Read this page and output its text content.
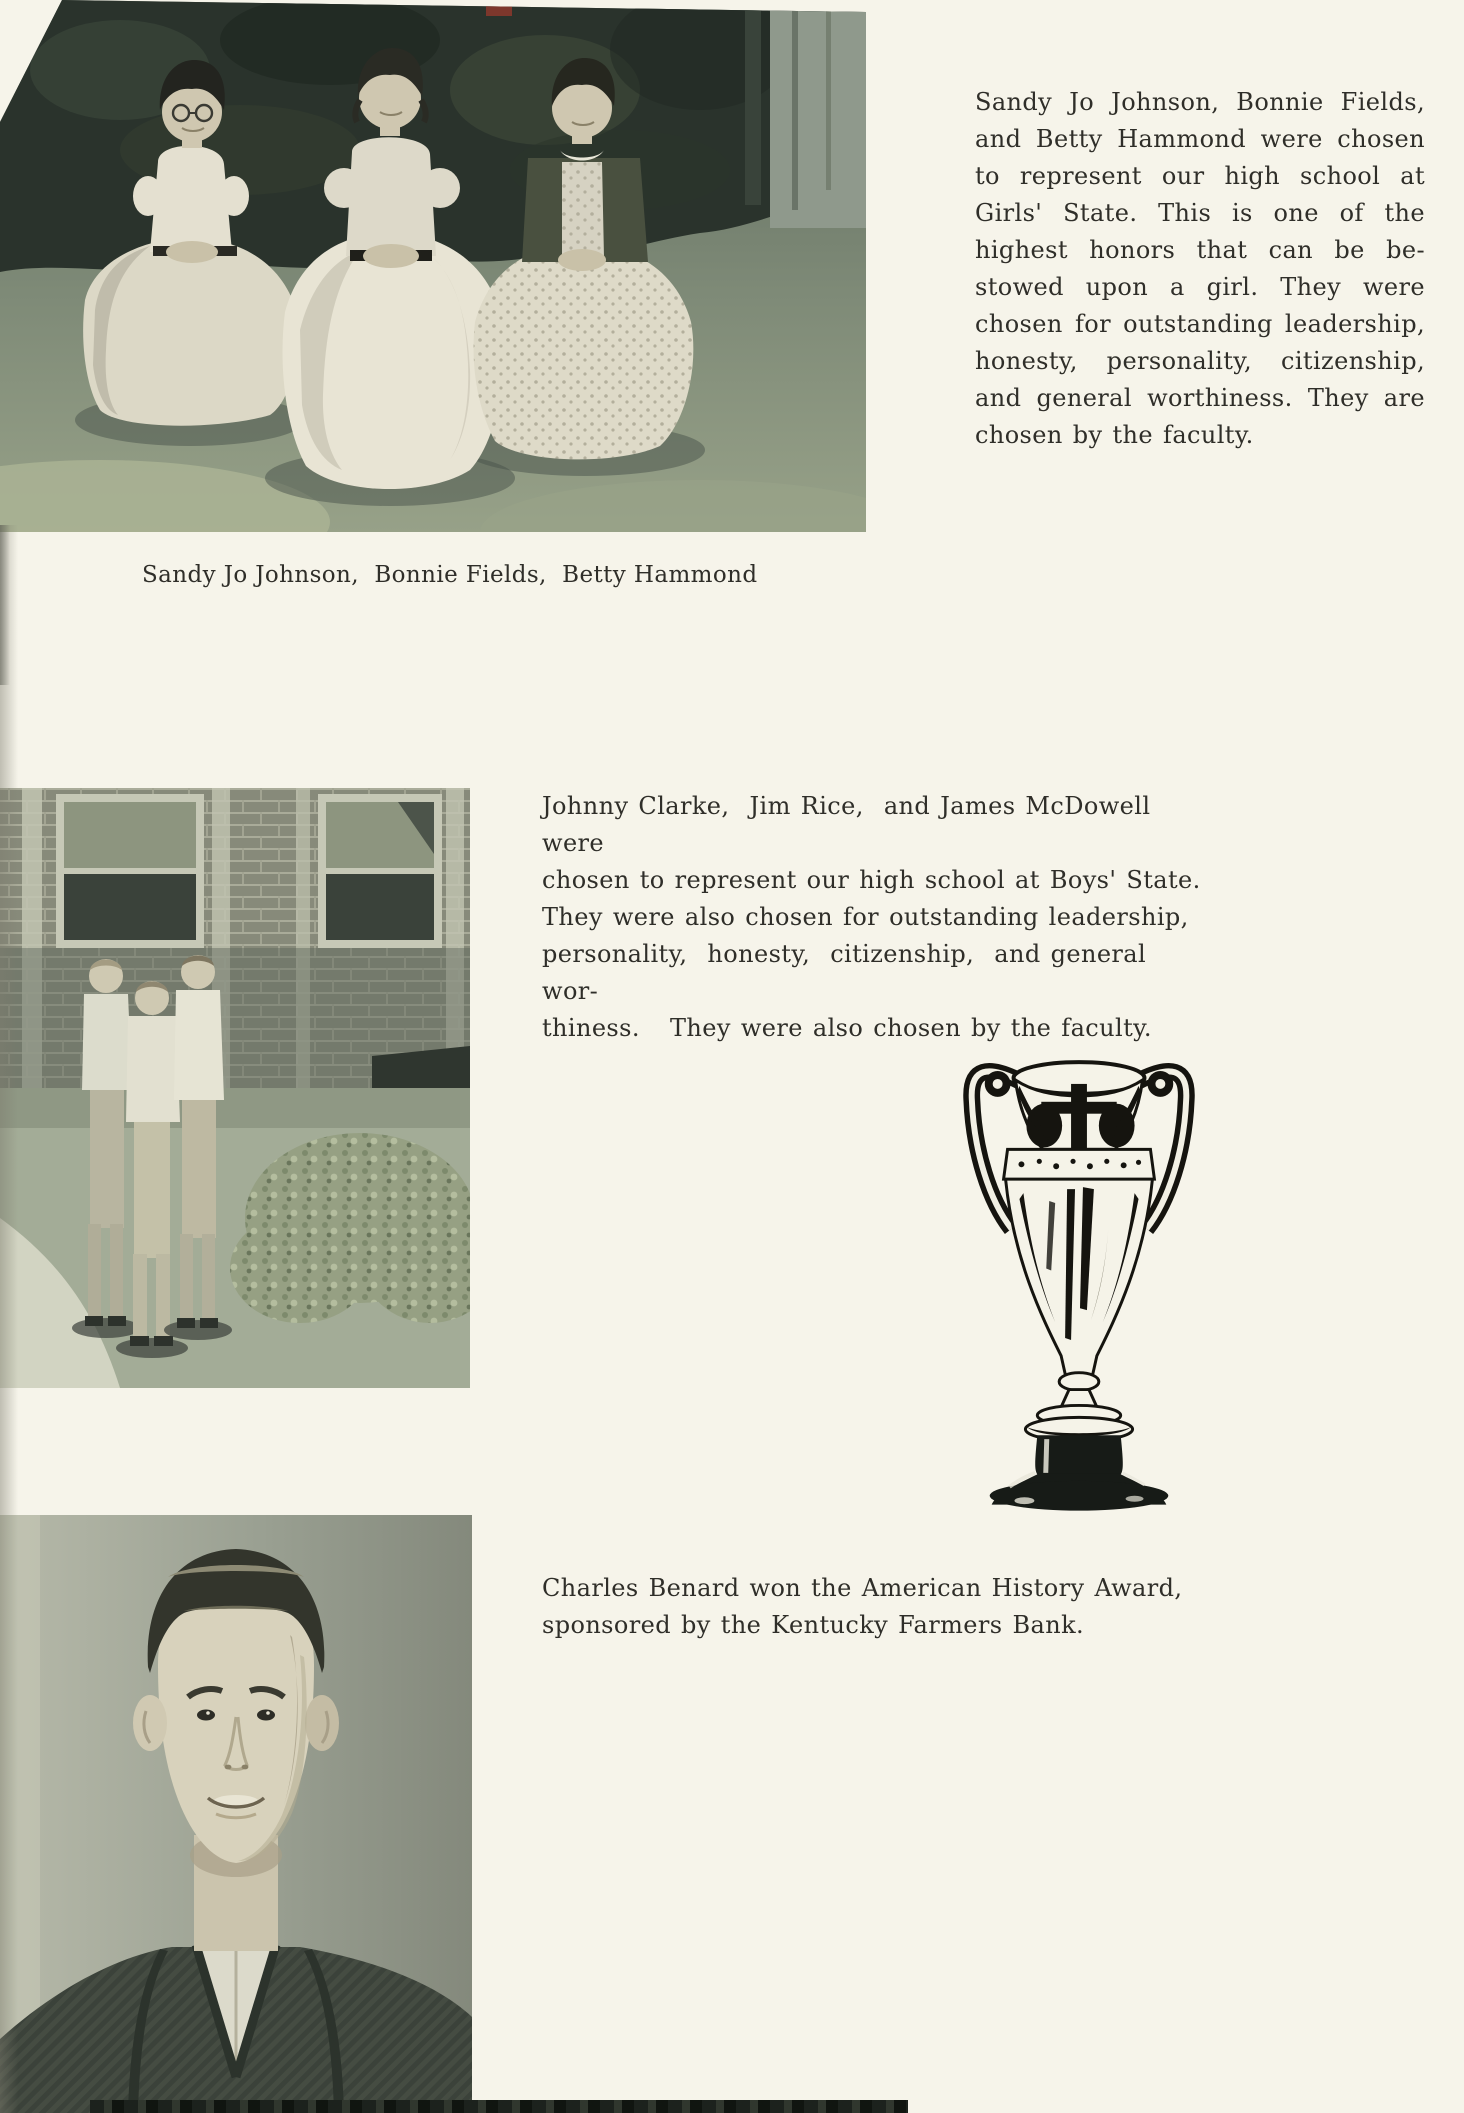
Sandy Jo Johnson, Bonnie Fields,
and Betty Hammond were chosen
to represent our high school at
Girls' State. This is one of the
highest honors that can be be-
stowed upon a girl. They were
chosen for outstanding leadership,
honesty, personality, citizenship,
and general worthiness. They are
chosen by the faculty.
Sandy Jo Johnson,  Bonnie Fields,  Betty Hammond
Johnny Clarke,  Jim Rice,  and James McDowell were
chosen to represent our high school at Boys' State.
They were also chosen for outstanding leadership,
personality,  honesty,  citizenship,  and general wor-
thiness.   They were also chosen by the faculty.
Charles Benard won the American History Award,
sponsored by the Kentucky Farmers Bank.
